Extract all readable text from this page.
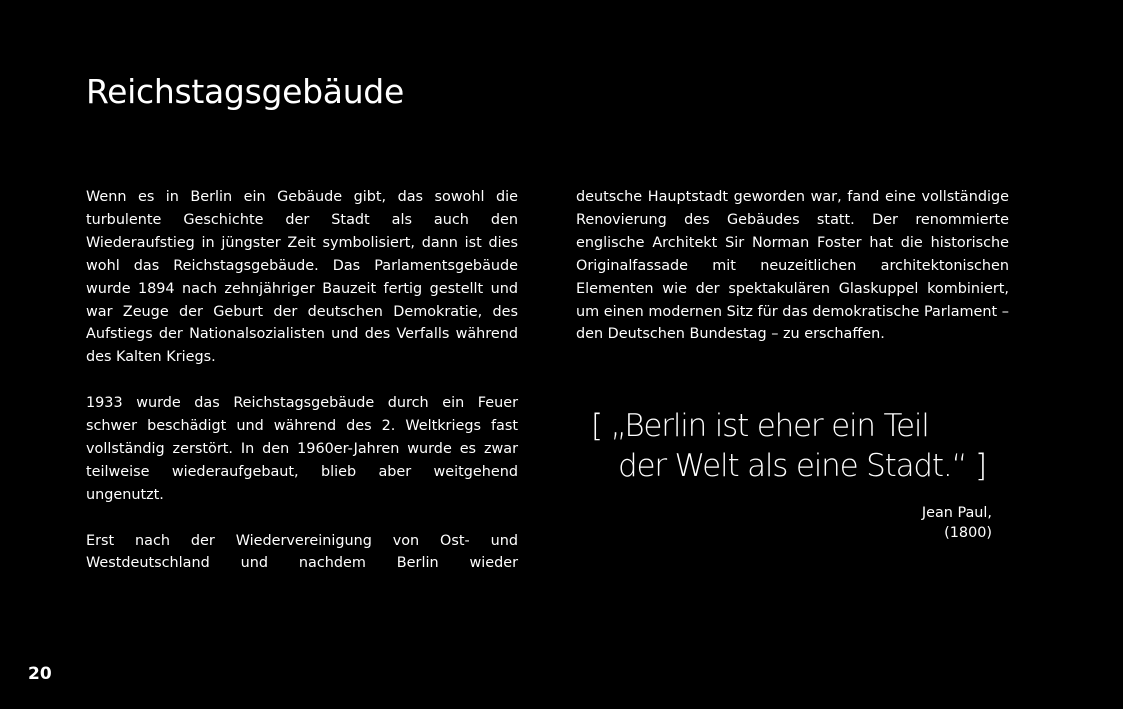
Reichstagsgebäude

Wenn es in Berlin ein Gebäude gibt, das sowohl die turbulente Geschichte der Stadt als auch den Wiederaufstieg in jüngster Zeit symbolisiert, dann ist dies wohl das Reichstagsgebäude. Das Parlamentsgebäude wurde 1894 nach zehnjähriger Bauzeit fertig gestellt und war Zeuge der Geburt der deutschen Demokratie, des Aufstiegs der Nationalsozialisten und des Verfalls während des Kalten Kriegs.

1933 wurde das Reichstagsgebäude durch ein Feuer schwer beschädigt und während des 2. Weltkriegs fast vollständig zerstört. In den 1960er-Jahren wurde es zwar teilweise wiederaufgebaut, blieb aber weitgehend ungenutzt.

Erst nach der Wiedervereinigung von Ost- und Westdeutschland und nachdem Berlin wieder

deutsche Hauptstadt geworden war, fand eine vollständige Renovierung des Gebäudes statt. Der renommierte englische Architekt Sir Norman Foster hat die historische Originalfassade mit neuzeitlichen architektonischen Elementen wie der spektakulären Glaskuppel kombiniert, um einen modernen Sitz für das demokratische Parlament – den Deutschen Bundestag – zu erschaffen.

[ „Berlin ist eher ein Teil
der Welt als eine Stadt.“ ]
Jean Paul,
(1800)
20
